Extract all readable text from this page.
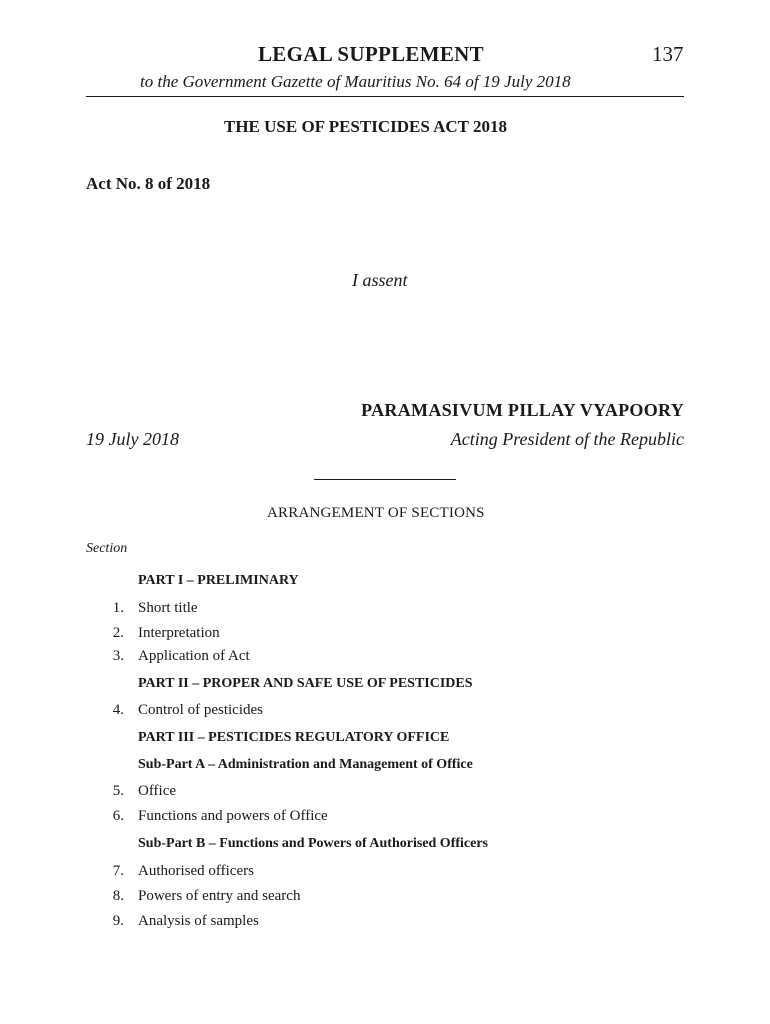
LEGAL SUPPLEMENT	137
to the Government Gazette of Mauritius No. 64 of 19 July 2018
THE USE OF PESTICIDES ACT 2018
Act No. 8 of 2018
I assent
PARAMASIVUM PILLAY VYAPOORY
19 July 2018	Acting President of the Republic
ARRANGEMENT OF SECTIONS
Section
PART I – PRELIMINARY
1. Short title
2. Interpretation
3. Application of Act
PART II – PROPER AND SAFE USE OF PESTICIDES
4. Control of pesticides
PART III – PESTICIDES REGULATORY OFFICE
Sub-Part A – Administration and Management of Office
5. Office
6. Functions and powers of Office
Sub-Part B – Functions and Powers of Authorised Officers
7. Authorised officers
8. Powers of entry and search
9. Analysis of samples
